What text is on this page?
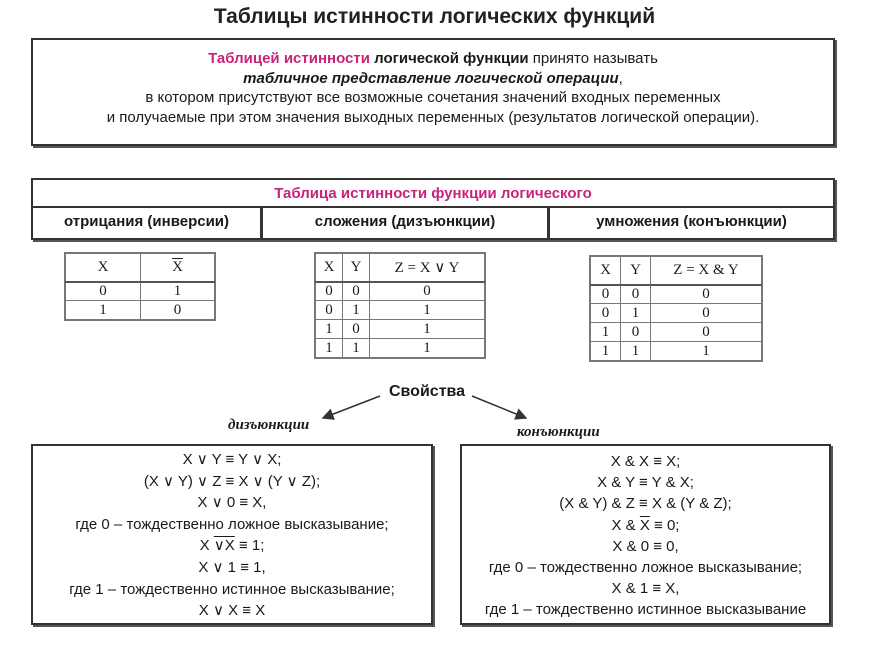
Таблицы истинности логических функций
Таблицей истинности логической функции принято называть
табличное представление логической операции,
в котором присутствуют все возможные сочетания значений входных переменных
и получаемые при этом значения выходных переменных (результатов логической операции).
Таблица истинности функции логического
отрицания (инверсии)	сложения (дизъюнкции)	умножения (конъюнкции)
X	$\overline{X}$
0	1
1	0
X	Y	Z = X ∨ Y
0	0	0
0	1	1
1	0	1
1	1	1
X	Y	Z = X & Y
0	0	0
0	1	0
1	0	0
1	1	1
Свойства
дизъюнкции	конъюнкции
X ∨ Y ≡ Y ∨ X;
(X ∨ Y) ∨ Z ≡ X ∨ (Y ∨ Z);
X ∨ 0 ≡ X,
где 0 – тождественно ложное высказывание;
X ∨X ≡ 1;
X ∨ 1 ≡ 1,
где 1 – тождественно истинное высказывание;
X ∨ X ≡ X
X & X ≡ X;
X & Y ≡ Y & X;
(X & Y) & Z ≡ X & (Y & Z);
X & $\overline{X} \equiv 0$;
X & 0 ≡ 0,
где 0 – тождественно ложное высказывание;
X & 1 ≡ X,
где 1 – тождественно истинное высказывание
